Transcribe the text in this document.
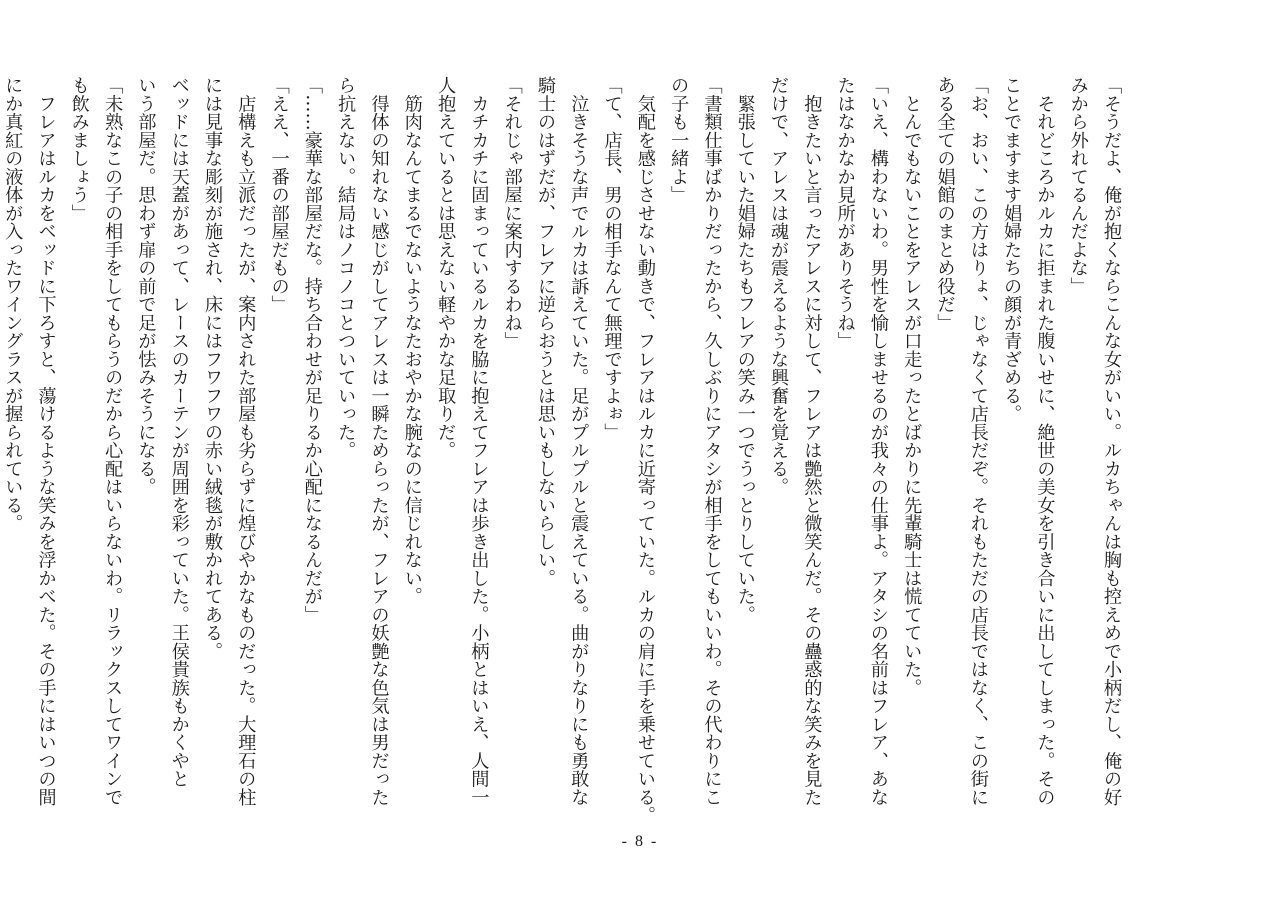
「そうだよ、俺が抱くならこんな女がいい。ルカちゃんは胸も控えめで小柄だし、俺の好
みから外れてるんだよな」
　それどころかルカに拒まれた腹いせに、絶世の美女を引き合いに出してしまった。その
ことでますます娼婦たちの顔が青ざめる。
「お、おい、この方はりょ、じゃなくて店長だぞ。それもただの店長ではなく、この街に
ある全ての娼館のまとめ役だ」
　とんでもないことをアレスが口走ったとばかりに先輩騎士は慌てていた。
「いえ、構わないわ。男性を愉しませるのが我々の仕事よ。アタシの名前はフレア、あな
たはなかなか見所がありそうね」
　抱きたいと言ったアレスに対して、フレアは艶然と微笑んだ。その蠱惑的な笑みを見た
だけで、アレスは魂が震えるような興奮を覚える。
　緊張していた娼婦たちもフレアの笑み一つでうっとりしていた。
「書類仕事ばかりだったから、久しぶりにアタシが相手をしてもいいわ。その代わりにこ
の子も一緒よ」
　気配を感じさせない動きで、フレアはルカに近寄っていた。ルカの肩に手を乗せている。
「て、店長、男の相手なんて無理ですよぉ」
　泣きそうな声でルカは訴えていた。足がプルプルと震えている。曲がりなりにも勇敢な
騎士のはずだが、フレアに逆らおうとは思いもしないらしい。
「それじゃ部屋に案内するわね」
　カチカチに固まっているルカを脇に抱えてフレアは歩き出した。小柄とはいえ、人間一
人抱えているとは思えない軽やかな足取りだ。
　筋肉なんてまるでないようなたおやかな腕なのに信じれない。
　得体の知れない感じがしてアレスは一瞬ためらったが、フレアの妖艶な色気は男だった
ら抗えない。結局はノコノコとついていった。
「……豪華な部屋だな。持ち合わせが足りるか心配になるんだが」
「ええ、一番の部屋だもの」
　店構えも立派だったが、案内された部屋も劣らずに煌びやかなものだった。大理石の柱
には見事な彫刻が施され、床にはフワフワの赤い絨毯が敷かれてある。
ベッドには天蓋があって、レースのカーテンが周囲を彩っていた。王侯貴族もかくやと
いう部屋だ。思わず扉の前で足が怯みそうになる。
「未熟なこの子の相手をしてもらうのだから心配はいらないわ。リラックスしてワインで
も飲みましょう」
　フレアはルカをベッドに下ろすと、蕩けるような笑みを浮かべた。その手にはいつの間
にか真紅の液体が入ったワイングラスが握られている。
- 8 -
